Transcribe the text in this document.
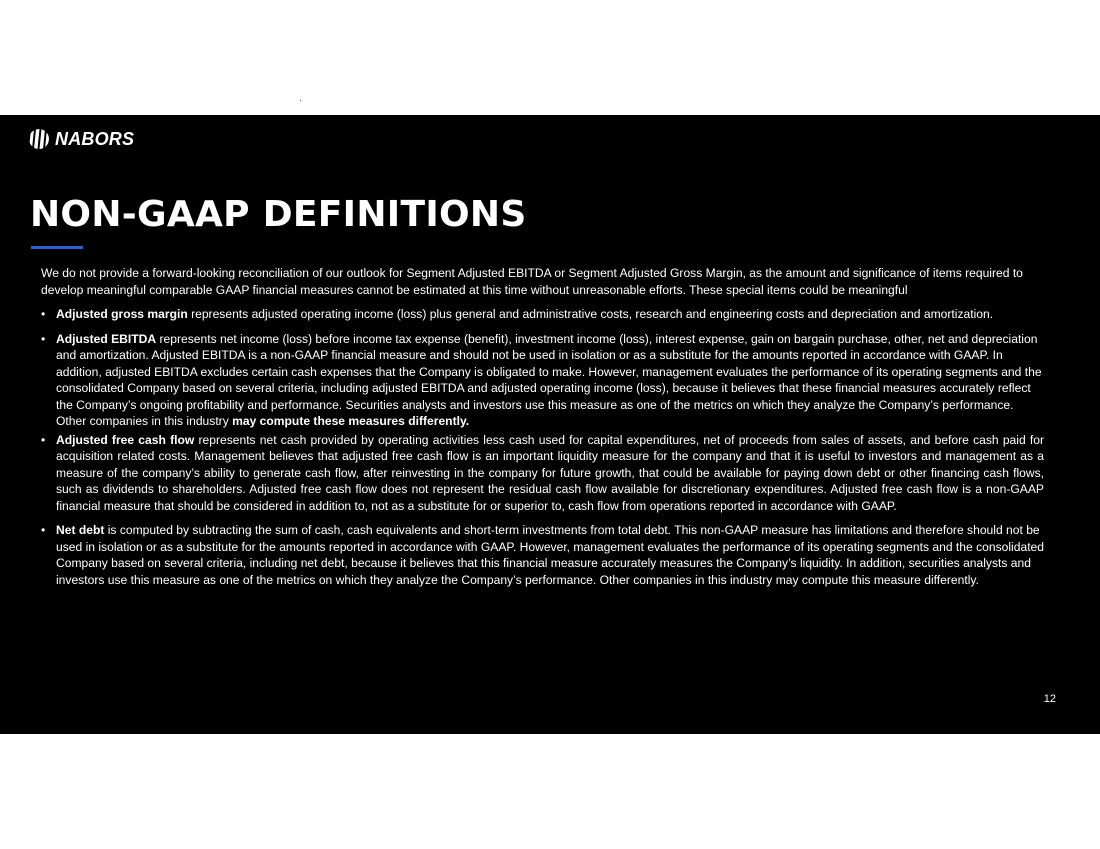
NABORS
NON-GAAP DEFINITIONS

We do not provide a forward-looking reconciliation of our outlook for Segment Adjusted EBITDA or Segment Adjusted Gross Margin, as the amount and significance of items required to develop meaningful comparable GAAP financial measures cannot be estimated at this time without unreasonable efforts. These special items could be meaningful

• Adjusted gross margin represents adjusted operating income (loss) plus general and administrative costs, research and engineering costs and depreciation and amortization.
• Adjusted EBITDA represents net income (loss) before income tax expense (benefit), investment income (loss), interest expense, gain on bargain purchase, other, net and depreciation and amortization. Adjusted EBITDA is a non-GAAP financial measure and should not be used in isolation or as a substitute for the amounts reported in accordance with GAAP. In addition, adjusted EBITDA excludes certain cash expenses that the Company is obligated to make. However, management evaluates the performance of its operating segments and the consolidated Company based on several criteria, including adjusted EBITDA and adjusted operating income (loss), because it believes that these financial measures accurately reflect the Company’s ongoing profitability and performance. Securities analysts and investors use this measure as one of the metrics on which they analyze the Company’s performance. Other companies in this industry may compute these measures differently.
• Adjusted free cash flow represents net cash provided by operating activities less cash used for capital expenditures, net of proceeds from sales of assets, and before cash paid for acquisition related costs. Management believes that adjusted free cash flow is an important liquidity measure for the company and that it is useful to investors and management as a measure of the company’s ability to generate cash flow, after reinvesting in the company for future growth, that could be available for paying down debt or other financing cash flows, such as dividends to shareholders. Adjusted free cash flow does not represent the residual cash flow available for discretionary expenditures. Adjusted free cash flow is a non-GAAP financial measure that should be considered in addition to, not as a substitute for or superior to, cash flow from operations reported in accordance with GAAP.
• Net debt is computed by subtracting the sum of cash, cash equivalents and short-term investments from total debt. This non-GAAP measure has limitations and therefore should not be used in isolation or as a substitute for the amounts reported in accordance with GAAP. However, management evaluates the performance of its operating segments and the consolidated Company based on several criteria, including net debt, because it believes that this financial measure accurately measures the Company’s liquidity. In addition, securities analysts and investors use this measure as one of the metrics on which they analyze the Company’s performance. Other companies in this industry may compute this measure differently.
12
